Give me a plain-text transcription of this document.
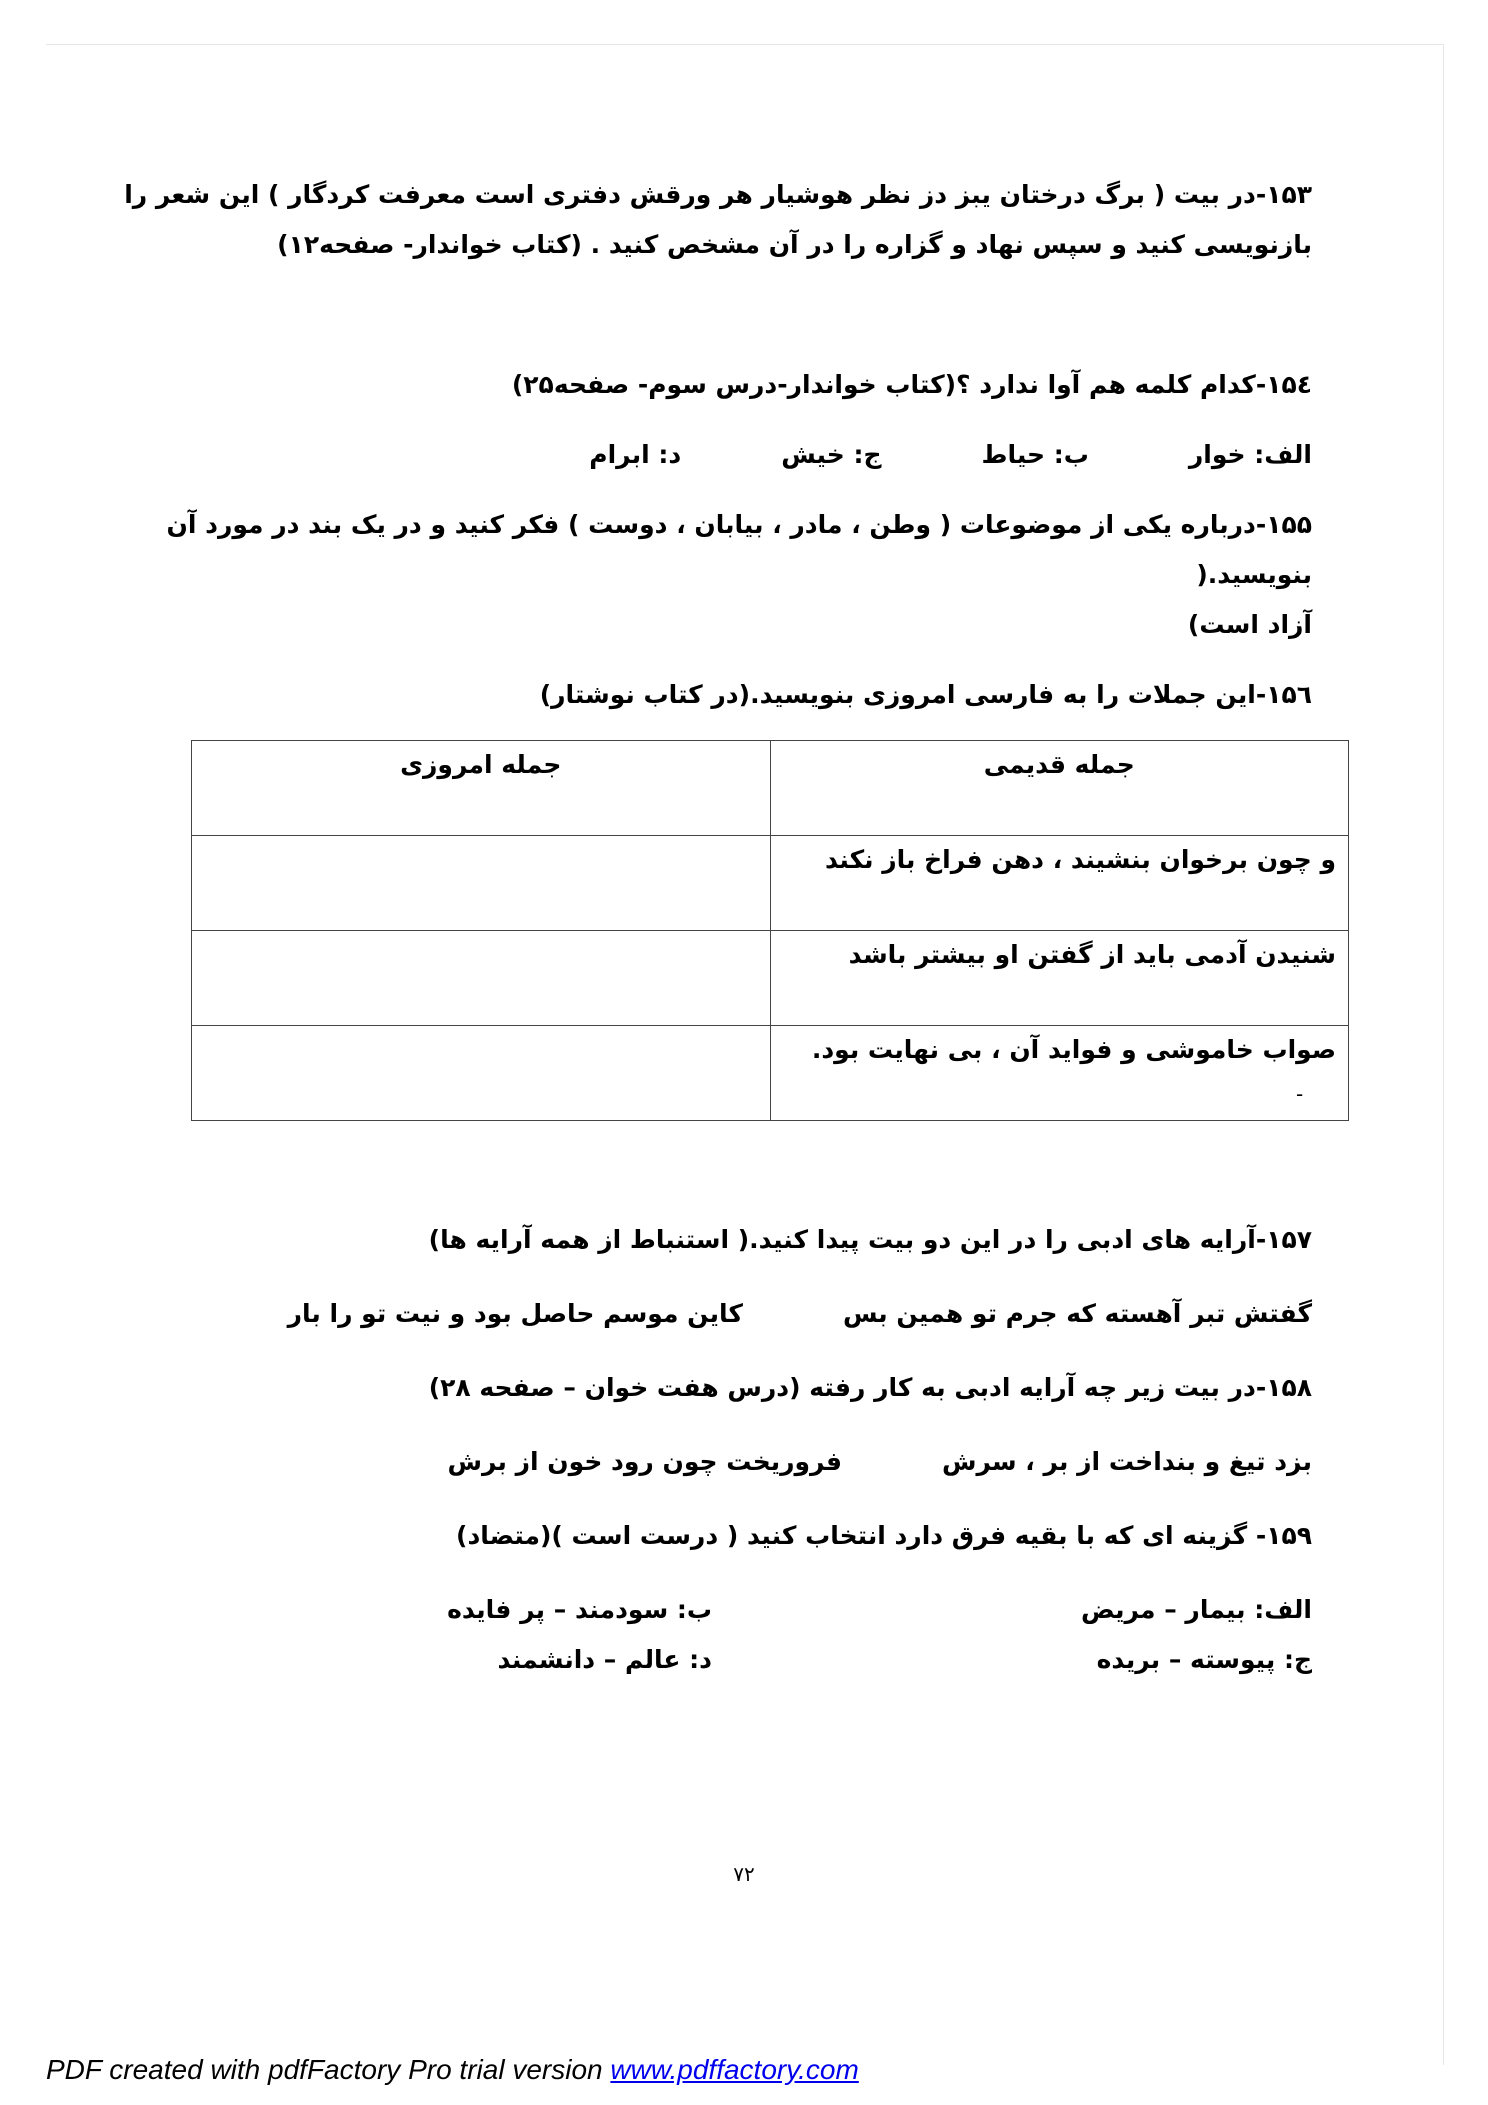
۱۵۳-در بیت ( برگ درختان یبز دز نظر هوشیار هر ورقش دفتری است معرفت کردگار ) این شعر را

بازنویسی کنید و سپس نهاد و گزاره را در آن مشخص کنید . (کتاب خواندار- صفحه۱۲)

۱۵٤-کدام کلمه هم آوا ندارد ؟(کتاب خواندار-درس سوم- صفحه۲۵)

الف: خوار
ب: حیاط
ج: خیش
د: ابرام

۱۵۵-درباره یکی از موضوعات ( وطن ، مادر ، بیابان ، دوست ) فکر کنید و در یک بند در مورد آن بنویسید.(

آزاد است)

۱۵٦-این جملات را به فارسی امروزی بنویسید.(در کتاب نوشتار)

جمله قدیمی	جمله امروزی
و چون برخوان بنشیند ، دهن فراخ باز نکند	
شنیدن آدمی باید از گفتن او بیشتر باشد	
صواب خاموشی و فواید آن ، بی نهایت بود.	
-

۱۵۷-آرایه های ادبی را در این دو بیت پیدا کنید.( استنباط از همه آرایه ها)

گفتش تبر آهسته که جرم تو همین بس
کاین موسم حاصل بود و نیت تو را بار

۱۵۸-در بیت زیر چه آرایه ادبی به کار رفته (درس هفت خوان – صفحه ۲۸)

بزد تیغ و بنداخت از بر ، سرش
فروریخت چون رود خون از برش

۱۵۹- گزینه ای که با بقیه فرق دارد انتخاب کنید ( درست است )(متضاد)

الف: بیمار – مریض
ب: سودمند – پر فایده
ج: پیوسته – بریده
د: عالم – دانشمند
۷۲
PDF created with pdfFactory Pro trial version www.pdffactory.com
